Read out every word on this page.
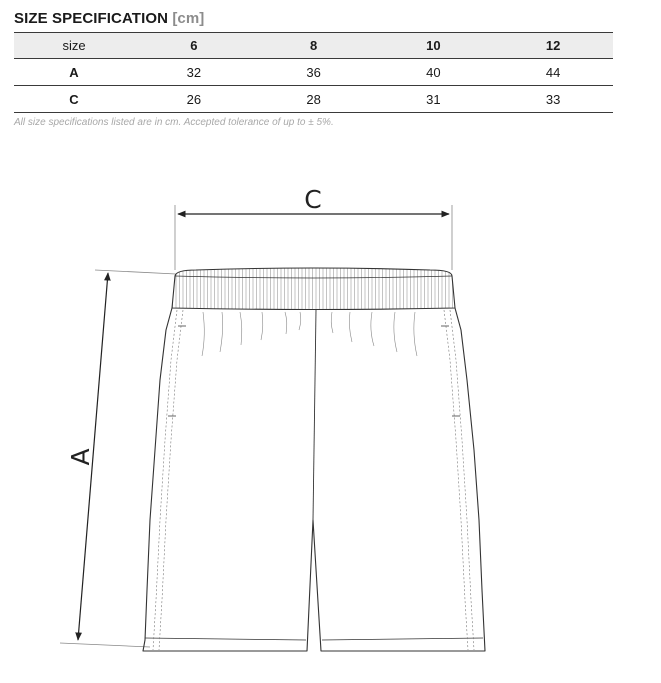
SIZE SPECIFICATION [cm]
size	6	8	10	12
A	32	36	40	44
C	26	28	31	33
All size specifications listed are in cm. Accepted tolerance of up to ± 5%.
C
A
